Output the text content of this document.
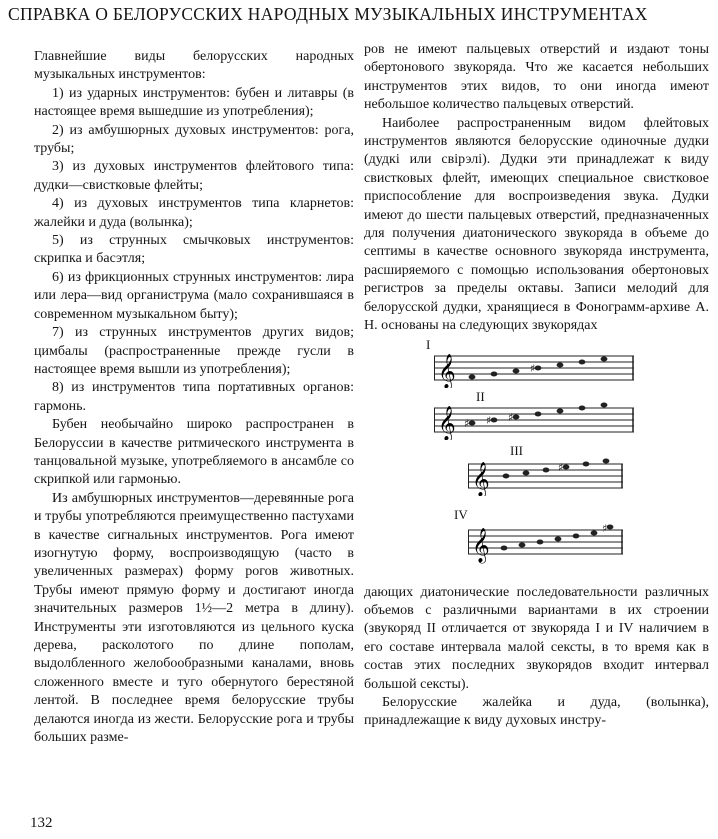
СПРАВКА О БЕЛОРУССКИХ НАРОДНЫХ МУЗЫКАЛЬНЫХ ИНСТРУМЕНТАХ

Главнейшие виды белорусских народных музыкальных инструментов:

1) из ударных инструментов: бубен и литавры (в настоящее время вышедшие из употребления);

2) из амбушюрных духовых инструментов: рога, трубы;

3) из духовых инструментов флейтового типа: дудки—свистковые флейты;

4) из духовых инструментов типа кларнетов: жалейки и дуда (волынка);

5) из струнных смычковых инструментов: скрипка и басэтля;

6) из фрикционных струнных инструментов: лира или лера—вид органиструма (мало сохранившаяся в современном музыкальном быту);

7) из струнных инструментов других видов; цимбалы (распространенные прежде гусли в настоящее время вышли из употребления);

8) из инструментов типа портативных органов: гармонь.

Бубен необычайно широко распространен в Белоруссии в качестве ритмического инструмента в танцовальной музыке, употребляемого в ансамбле со скрипкой или гармонью.

Из амбушюрных инструментов—деревянные рога и трубы употребляются преимущественно пастухами в качестве сигнальных инструментов. Рога имеют изогнутую форму, воспроизводящую (часто в увеличенных размерах) форму рогов животных. Трубы имеют прямую форму и достигают иногда значительных размеров 1½—2 метра в длину). Инструменты эти изготовляются из цельного куска дерева, расколотого по длине пополам, выдолбленного желобообразными каналами, вновь сложенного вместе и туго обернутого берестяной лентой. В последнее время белорусские трубы делаются иногда из жести. Белорусские рога и трубы больших разме-

ров не имеют пальцевых отверстий и издают тоны обертонового звукоряда. Что же касается небольших инструментов этих видов, то они иногда имеют небольшое количество пальцевых отверстий.

Наиболее распространенным видом флейтовых инструментов являются белорусские одиночные дудки (дудкі или свірэлі). Дудки эти принадлежат к виду свистковых флейт, имеющих специальное свистковое приспособление для воспроизведения звука. Дудки имеют до шести пальцевых отверстий, предназначенных для получения диатонического звукоряда в объеме до септимы в качестве основного звукоряда инструмента, расширяемого с помощью использования обертоновых регистров за пределы октавы. Записи мелодий для белорусской дудки, хранящиеся в Фонограмм-архиве А. Н. основаны на следующих звукорядах

I
𝄞	♯
II
𝄞 ♯ ♯ ♯
III
𝄞	♯
IV
𝄞	♯

дающих диатонические последовательности различных объемов с различными вариантами в их строении (звукоряд II отличается от звукоряда I и IV наличием в его составе интервала малой сексты, в то время как в состав этих последних звукорядов входит интервал большой сексты).

Белорусские жалейка и дуда, (волынка), принадлежащие к виду духовых инстру-

132
